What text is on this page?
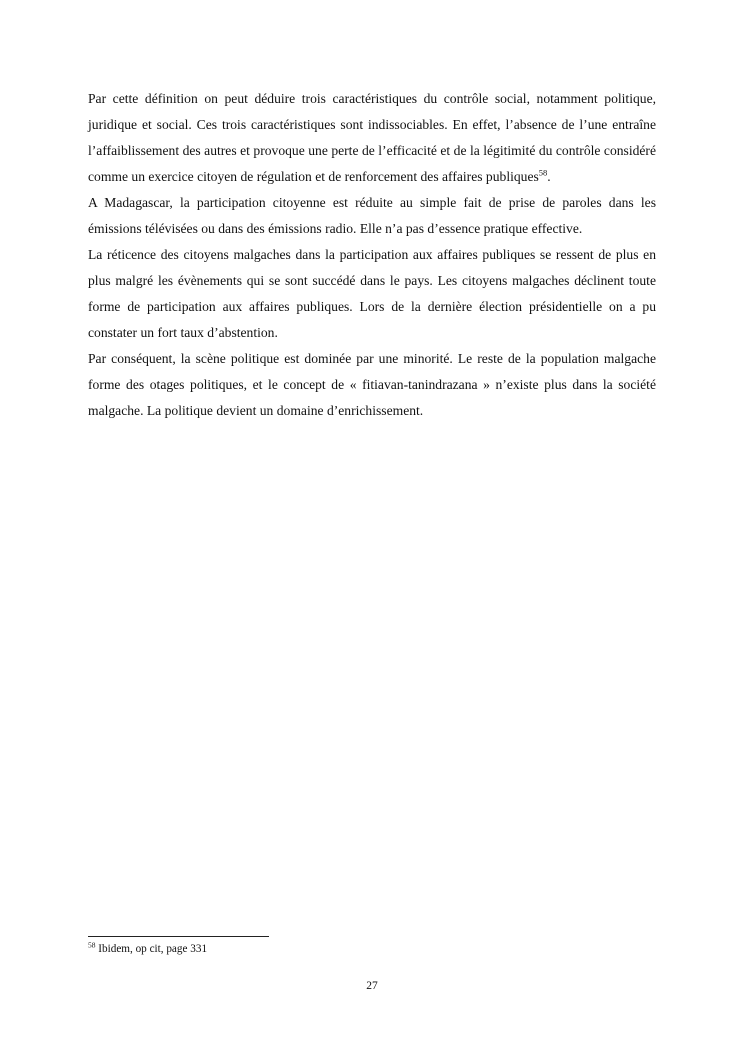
Par cette définition on peut déduire trois caractéristiques du contrôle social, notamment politique, juridique et social. Ces trois caractéristiques sont indissociables. En effet, l’absence de l’une entraîne l’affaiblissement des autres et provoque une perte de l’efficacité et de la légitimité du contrôle considéré comme un exercice citoyen de régulation et de renforcement des affaires publiques$^{58}$.

A Madagascar, la participation citoyenne est réduite au simple fait de prise de paroles dans les émissions télévisées ou dans des émissions radio. Elle n’a pas d’essence pratique effective.

La réticence des citoyens malgaches dans la participation aux affaires publiques se ressent de plus en plus malgré les évènements qui se sont succédé dans le pays. Les citoyens malgaches déclinent toute forme de participation aux affaires publiques. Lors de la dernière élection présidentielle on a pu constater un fort taux d’abstention.

Par conséquent, la scène politique est dominée par une minorité. Le reste de la population malgache forme des otages politiques, et le concept de « fitiavan-tanindrazana » n’existe plus dans la société malgache. La politique devient un domaine d’enrichissement.

$^{58}$ Ibidem, op cit, page 331
27
